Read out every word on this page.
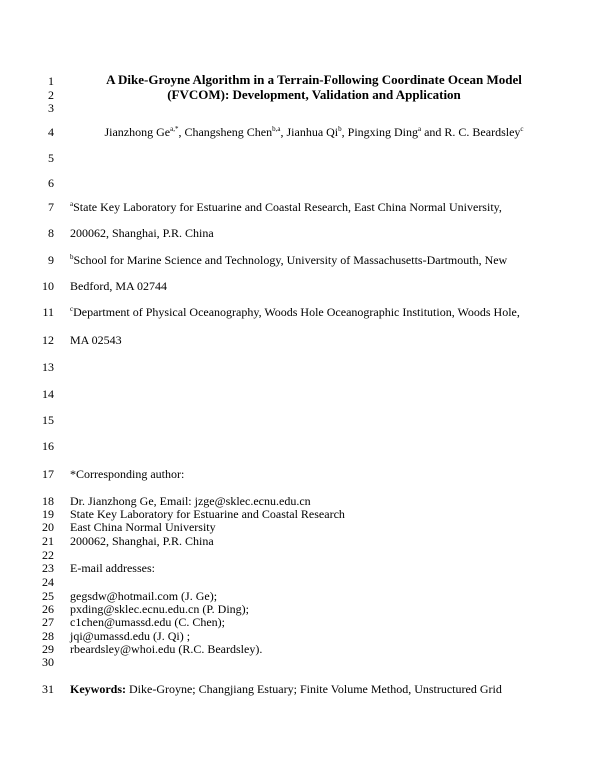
1
2
3
4
5
6
7
8
9
10
11
12
13
14
15
16
17
18
19
20
21
22
23
24
25
26
27
28
29
30
31
A Dike-Groyne Algorithm in a Terrain-Following Coordinate Ocean Model
(FVCOM): Development, Validation and Application
Jianzhong $Ge^{a,*}$, Changsheng Chen$^{b,a}$, Jianhua Qi$^b$, Pingxing Ding$^a$ and R. C. Beardsley$^c$
$^a$State Key Laboratory for Estuarine and Coastal Research, East China Normal University,
200062, Shanghai, P.R. China
$^b$School for Marine Science and Technology, University of Massachusetts-Dartmouth, New
Bedford, MA 02744
$^c$Department of Physical Oceanography, Woods Hole Oceanographic Institution, Woods Hole,
MA 02543
*Corresponding author:
Dr. Jianzhong Ge, Email: jzge@sklec.ecnu.edu.cn
State Key Laboratory for Estuarine and Coastal Research
East China Normal University
200062, Shanghai, P.R. China
E-mail addresses:
gegsdw@hotmail.com (J. Ge);
pxding@sklec.ecnu.edu.cn (P. Ding);
c1chen@umassd.edu (C. Chen);
jqi@umassd.edu (J. Qi) ;
rbeardsley@whoi.edu (R.C. Beardsley).
Keywords: Dike-Groyne; Changjiang Estuary; Finite Volume Method, Unstructured Grid
